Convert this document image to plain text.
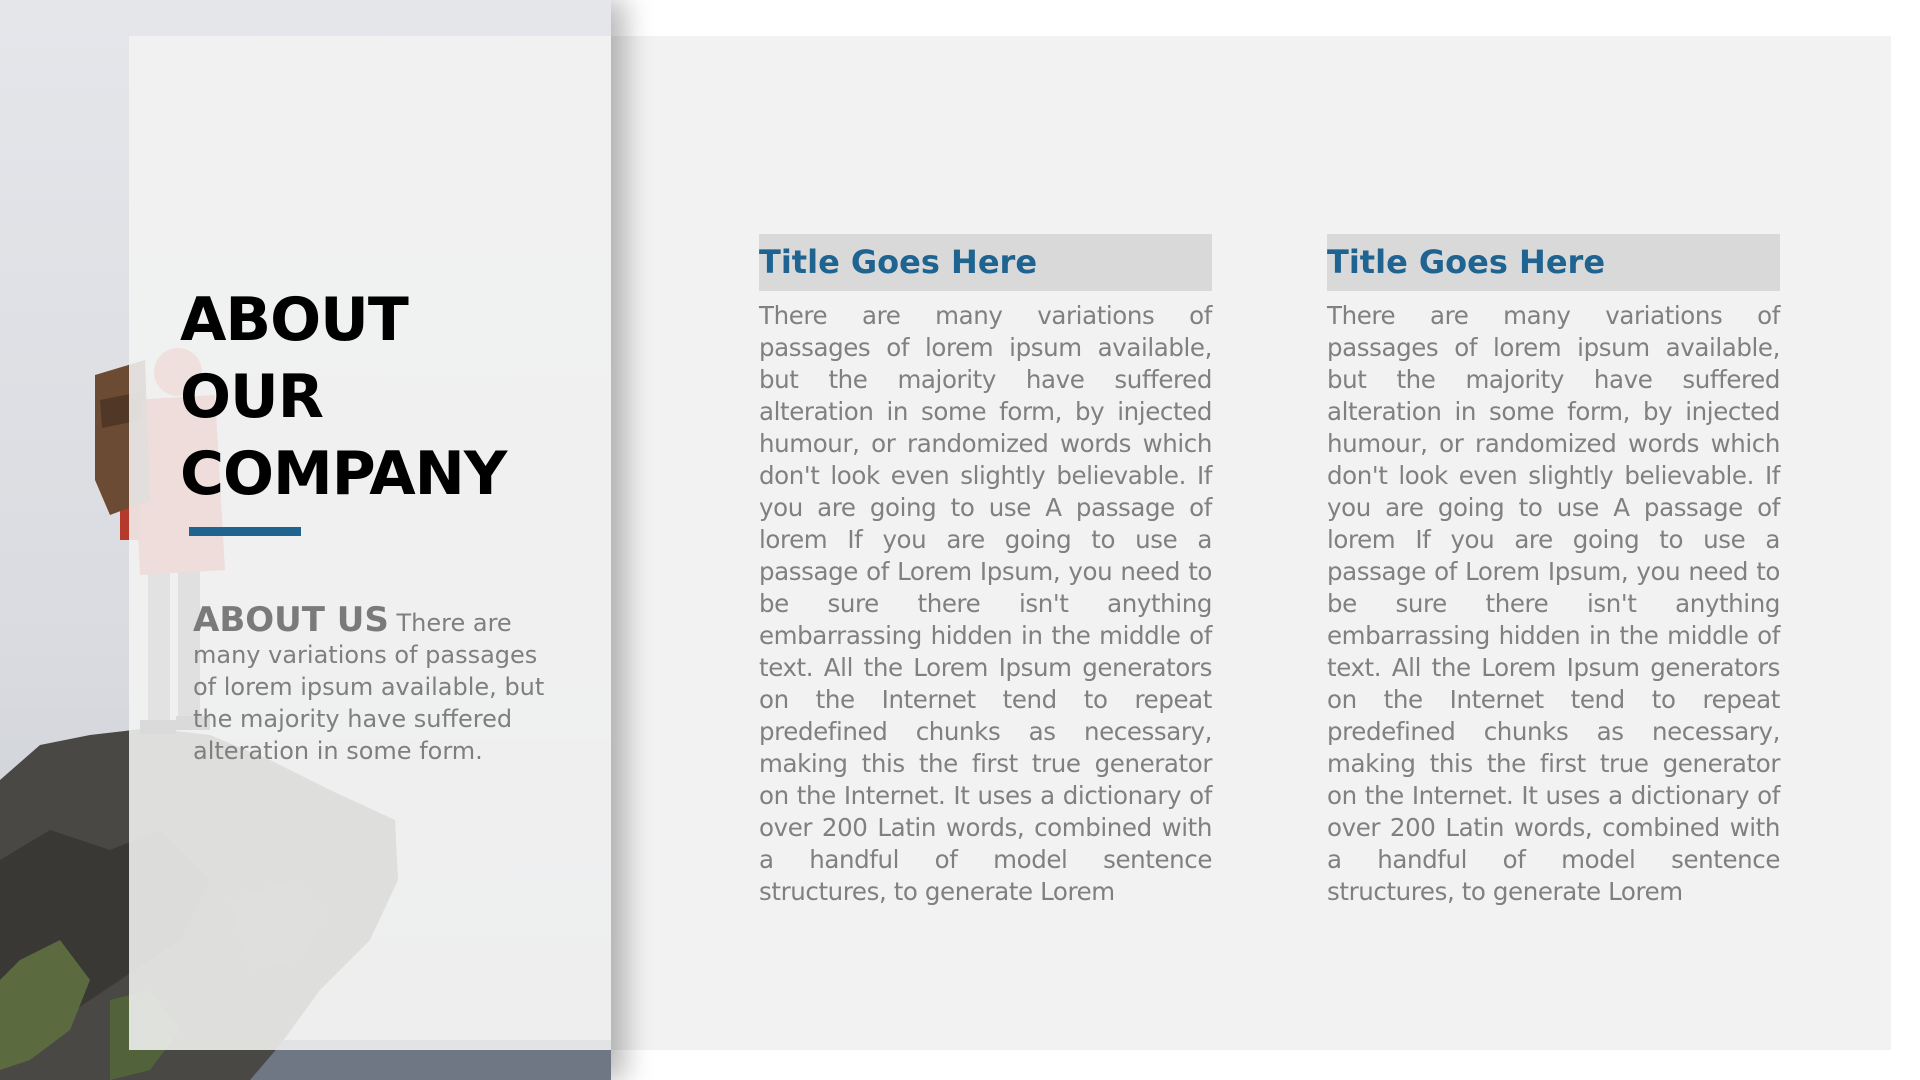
ABOUT
OUR
COMPANY

ABOUT US There are many variations of passages of lorem ipsum available, but the majority have suffered alteration in some form.

Title Goes Here

There are many variations of passages of lorem ipsum available, but the majority have suffered alteration in some form, by injected humour, or randomized words which don't look even slightly believable. If you are going to use A passage of lorem If you are going to use a passage of Lorem Ipsum, you need to be sure there isn't anything embarrassing hidden in the middle of text. All the Lorem Ipsum generators on the Internet tend to repeat predefined chunks as necessary, making this the first true generator on the Internet. It uses a dictionary of over 200 Latin words, combined with a handful of model sentence structures, to generate Lorem

Title Goes Here

There are many variations of passages of lorem ipsum available, but the majority have suffered alteration in some form, by injected humour, or randomized words which don't look even slightly believable. If you are going to use A passage of lorem If you are going to use a passage of Lorem Ipsum, you need to be sure there isn't anything embarrassing hidden in the middle of text. All the Lorem Ipsum generators on the Internet tend to repeat predefined chunks as necessary, making this the first true generator on the Internet. It uses a dictionary of over 200 Latin words, combined with a handful of model sentence structures, to generate Lorem
